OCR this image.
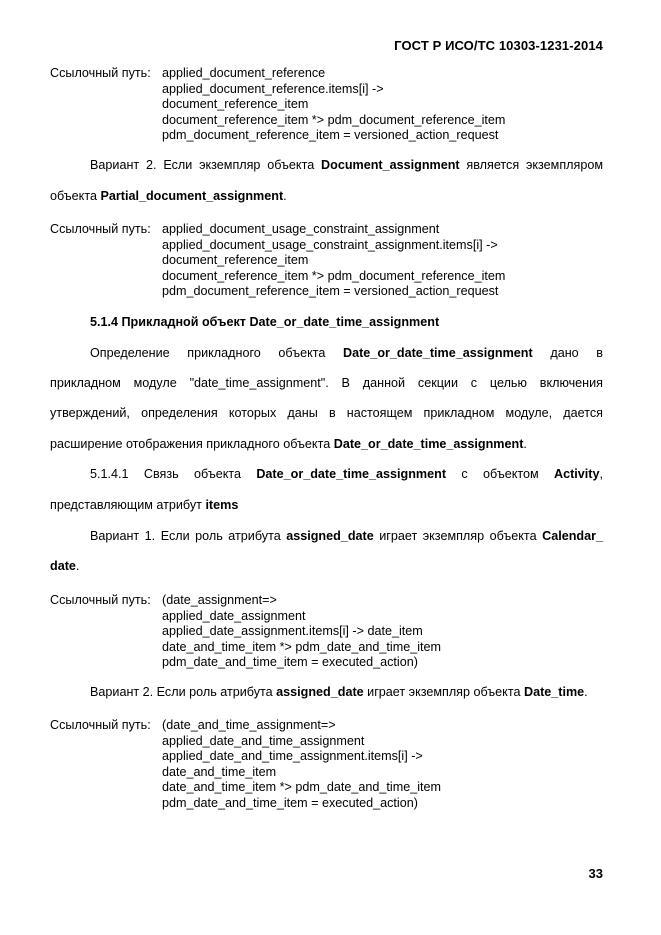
ГОСТ Р ИСО/ТС 10303-1231-2014
Ссылочный путь: applied_document_reference
applied_document_reference.items[i] ->
document_reference_item
document_reference_item *> pdm_document_reference_item
pdm_document_reference_item = versioned_action_request
Вариант 2. Если экземпляр объекта Document_assignment является экземпляром
объекта Partial_document_assignment.
Ссылочный путь: applied_document_usage_constraint_assignment
applied_document_usage_constraint_assignment.items[i] ->
document_reference_item
document_reference_item *> pdm_document_reference_item
pdm_document_reference_item = versioned_action_request
5.1.4 Прикладной объект Date_or_date_time_assignment
Определение прикладного объекта Date_or_date_time_assignment дано в
прикладном модуле "date_time_assignment". В данной секции с целью включения
утверждений, определения которых даны в настоящем прикладном модуле, дается
расширение отображения прикладного объекта Date_or_date_time_assignment.
5.1.4.1 Связь объекта Date_or_date_time_assignment с объектом Activity,
представляющим атрибут items
Вариант 1. Если роль атрибута assigned_date играет экземпляр объекта Calendar_
date.
Ссылочный путь: (date_assignment=>
applied_date_assignment
applied_date_assignment.items[i] -> date_item
date_and_time_item *> pdm_date_and_time_item
pdm_date_and_time_item = executed_action)
Вариант 2. Если роль атрибута assigned_date играет экземпляр объекта Date_time.
Ссылочный путь: (date_and_time_assignment=>
applied_date_and_time_assignment
applied_date_and_time_assignment.items[i] ->
date_and_time_item
date_and_time_item *> pdm_date_and_time_item
pdm_date_and_time_item = executed_action)
33
